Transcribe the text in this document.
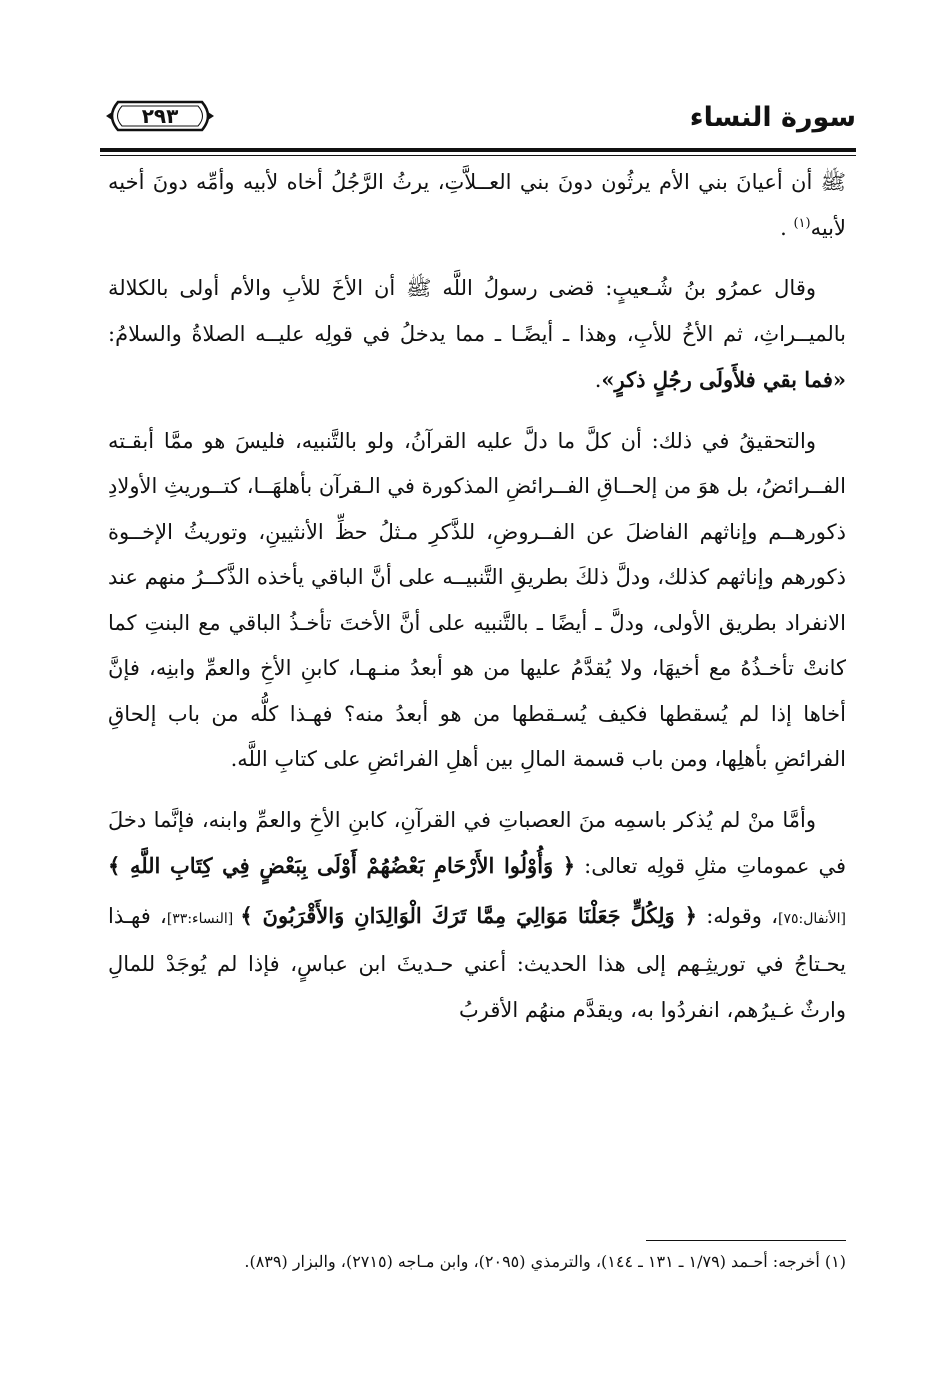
سورة النساء
٢٩٣

ﷺ أن أعيانَ بني الأم يرثُون دونَ بني العــلاَّتِ، يرثُ الرَّجُلُ أخاه لأبيه وأمِّه دونَ أخيه لأبيه$^{(١)}$ .

وقال عمرُو بنُ شُـعيبٍ: قضى رسولُ اللَّه ﷺ أن الأخَ للأبِ والأم أولى بالكلالة بالميــراثِ، ثم الأخُ للأبِ، وهذا ـ أيضًـا ـ مما يدخلُ في قولِه عليــه الصلاةُ والسلامُ: «فما بقي فلأَولَى رجُلٍ ذكرٍ».

والتحقيقُ في ذلك: أن كلَّ ما دلَّ عليه القرآنُ، ولو بالتَّنبيه، فليسَ هو ممَّا أبقـته الفــرائضُ، بل هوَ من إلحــاقِ الفــرائضِ المذكورة في الـقرآن بأهلهَــا، كتــوريثِ الأولادِ ذكورهــم وإناثهم الفاضلَ عن الفــروضِ، للذَّكرِ مـثلُ حظِّ الأنثيينِ، وتوريثُ الإخــوة ذكورهم وإناثهم كذلك، ودلَّ ذلكَ بطريقِ التَّنبيــه على أنَّ الباقي يأخذه الذَّكــرُ منهم عند الانفراد بطريق الأولى، ودلَّ ـ أيضًا ـ بالتَّنبيه على أنَّ الأختَ تأخـذُ الباقي مع البنتِ كما كانتْ تأخـذُهُ مع أخيهَا، ولا يُقدَّمُ عليها من هو أبعدُ منـهـا، كابنِ الأخِ والعمِّ وابنِه، فإنَّ أخاها إذا لم يُسقطها فكيف يُسـقطها من هو أبعدُ منه؟ فهـذا كلُّه من باب إلحاقِ الفرائضِ بأهلِها، ومن باب قسمة المالِ بين أهلِ الفرائضِ على كتابِ اللَّه.

وأمَّا منْ لم يُذكر باسمِه منَ العصباتِ في القرآنِ، كابنِ الأخِ والعمِّ وابنه، فإنَّما دخلَ في عموماتِ مثلِ قولِه تعالى: ﴿ وَأُوْلُوا الأَرْحَامِ بَعْضُهُمْ أَوْلَى بِبَعْضٍ فِي كِتَابِ اللَّهِ ﴾ [الأنفال:٧٥]، وقوله: ﴿ وَلِكُلٍّ جَعَلْنَا مَوَالِيَ مِمَّا تَرَكَ الْوَالِدَانِ وَالأَقْرَبُونَ ﴾ [النساء:٣٣]، فهـذا يحـتاجُ في توريثِـهم إلى هذا الحديث: أعني حـديثَ ابن عباسٍ، فإذا لم يُوجَدْ للمالِ وارثٌ غـيرُهم، انفردُوا به، ويقدَّم منهُم الأقربُ

(١) أخرجه: أحـمد (١/٧٩ ـ ١٣١ ـ ١٤٤)، والترمذي (٢٠٩٥)، وابن مـاجه (٢٧١٥)، والبزار (٨٣٩).
